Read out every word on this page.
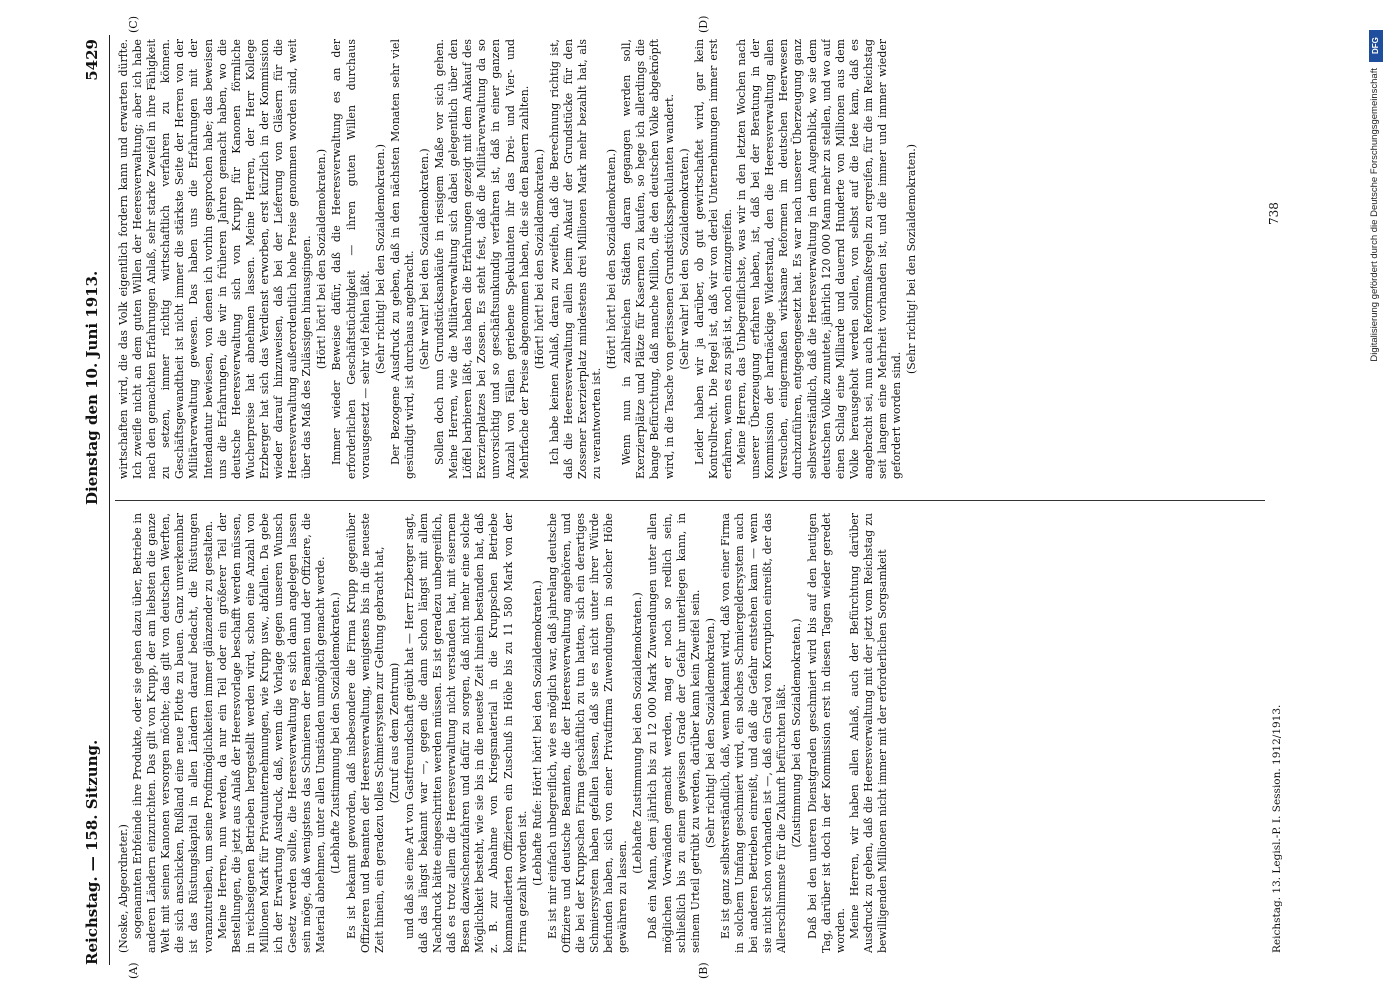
Reichstag. — 158. Sitzung.
Dienstag den 10. Juni 1913.
5429
(A)	(B)
(C)	(D)

(Noske, Abgeordneter.) sogenannten Erbfeinde ihre Produkte, oder sie gehen dazu über, Betriebe in anderen Ländern einzurichten. Das gilt von Krupp, der am liebsten die ganze Welt mit seinen Kanonen versorgen möchte; das gilt von deutschen Werften, die sich anschicken, Rußland eine neue Flotte zu bauen. Ganz unverkennbar ist das Rüstungskapital in allen Ländern darauf bedacht, die Rüstungen voranzutreiben, um seine Profitmöglichkeiten immer glänzender zu gestalten. Meine Herren, nun werden, da nur ein Teil oder ein größerer Teil der Bestellungen, die jetzt aus Anlaß der Heeresvorlage beschafft werden müssen, in reichseigenen Betrieben hergestellt werden wird, schon eine Anzahl von Millionen Mark für Privatunternehmungen, wie Krupp usw., abfallen. Da gebe ich der Erwartung Ausdruck, daß, wenn die Vorlage gegen unseren Wunsch Gesetz werden sollte, die Heeresverwaltung es sich dann angelegen lassen sein möge, daß wenigstens das Schmieren der Beamten und der Offiziere, die Material abnehmen, unter allen Umständen unmöglich gemacht werde. (Lebhafte Zustimmung bei den Sozialdemokraten.) Es ist bekannt geworden, daß insbesondere die Firma Krupp gegenüber Offizieren und Beamten der Heeresverwaltung, wenigstens bis in die neueste Zeit hinein, ein geradezu tolles Schmiersystem zur Geltung gebracht hat, (Zuruf aus dem Zentrum) und daß sie eine Art von Gastfreundschaft geübt hat — Herr Erzberger sagt, daß das längst bekannt war —, gegen die dann schon längst mit allem Nachdruck hätte eingeschritten werden müssen. Es ist geradezu unbegreiflich, daß es trotz allem die Heeresverwaltung nicht verstanden hat, mit eisernem Besen dazwischenzufahren und dafür zu sorgen, daß nicht mehr eine solche Möglichkeit besteht, wie sie bis in die neueste Zeit hinein bestanden hat, daß z. B. zur Abnahme von Kriegsmaterial in die Kruppschen Betriebe kommandierten Offizieren ein Zuschuß in Höhe bis zu 11 580 Mark von der Firma gezahlt worden ist. (Lebhafte Rufe: Hört! hört! bei den Sozialdemokraten.) Es ist mir einfach unbegreiflich, wie es möglich war, daß jahrelang deutsche Offiziere und deutsche Beamten, die der Heeresverwaltung angehören, und die bei der Kruppschen Firma geschäftlich zu tun hatten, sich ein derartiges Schmiersystem haben gefallen lassen, daß sie es nicht unter ihrer Würde befunden haben, sich von einer Privatfirma Zuwendungen in solcher Höhe gewähren zu lassen.

(Lebhafte Zustimmung bei den Sozialdemokraten.) Daß ein Mann, dem jährlich bis zu 12 000 Mark Zuwendungen unter allen möglichen Vorwänden gemacht werden, mag er noch so redlich sein, schließlich bis zu einem gewissen Grade der Gefahr unterliegen kann, in seinem Urteil getrübt zu werden, darüber kann kein Zweifel sein. (Sehr richtig! bei den Sozialdemokraten.) Es ist ganz selbstverständlich, daß, wenn bekannt wird, daß von einer Firma in solchem Umfang geschmiert wird, ein solches Schmiergeldersystem auch bei anderen Betrieben einreißt, und daß die Gefahr entstehen kann — wenn sie nicht schon vorhanden ist —, daß ein Grad von Korruption einreißt, der das Allerschlimmste für die Zukunft befürchten läßt. (Zustimmung bei den Sozialdemokraten.) Daß bei den unteren Dienstgraden geschmiert wird bis auf den heutigen Tag, darüber ist doch in der Kommission erst in diesen Tagen wieder geredet worden. Meine Herren, wir haben allen Anlaß, auch der Befürchtung darüber Ausdruck zu geben, daß die Heeresverwaltung mit der jetzt vom Reichstag zu bewilligenden Millionen nicht immer mit der erforderlichen Sorgsamkeit

wirtschaften wird, die das Volk eigentlich fordern kann und erwarten dürfte. Ich zweifle nicht an dem guten Willen der Heeresverwaltung; aber ich habe nach den gemachten Erfahrungen Anlaß, sehr starke Zweifel in ihre Fähigkeit zu setzen, immer richtig wirtschaftlich verfahren zu können. Geschäftsgewandtheit ist nicht immer die stärkste Seite der Herren von der Militärverwaltung gewesen. Das haben uns die Erfahrungen mit der Intendantur bewiesen, von denen ich vorhin gesprochen habe; das beweisen uns die Erfahrungen, die wir in früheren Jahren gemacht haben, wo die deutsche Heeresverwaltung sich von Krupp für Kanonen förmliche Wucherpreise hat abnehmen lassen. Meine Herren, der Herr Kollege Erzberger hat sich das Verdienst erworben, erst kürzlich in der Kommission wieder darauf hinzuweisen, daß bei der Lieferung von Gläsern für die Heeresverwaltung außerordentlich hohe Preise genommen worden sind, weit über das Maß des Zulässigen hinausgingen. (Hört! hört! bei den Sozialdemokraten.) Immer wieder Beweise dafür, daß die Heeresverwaltung es an der erforderlichen Geschäftstüchtigkeit — ihren guten Willen durchaus vorausgesetzt — sehr viel fehlen läßt.

(Sehr richtig! bei den Sozialdemokraten.) Der Bezogene Ausdruck zu geben, daß in den nächsten Monaten sehr viel gesündigt wird, ist durchaus angebracht. (Sehr wahr! bei den Sozialdemokraten.) Sollen doch nun Grundstücksankäufe in riesigem Maße vor sich gehen. Meine Herren, wie die Militärverwaltung sich dabei gelegentlich über den Löffel barbieren läßt, das haben die Erfahrungen gezeigt mit dem Ankauf des Exerzierplatzes bei Zossen. Es steht fest, daß die Militärverwaltung da so unvorsichtig und so geschäftsunkundig verfahren ist, daß in einer ganzen Anzahl von Fällen geriebene Spekulanten ihr das Drei- und Vier- und Mehrfache der Preise abgenommen haben, die sie den Bauern zahlten. (Hört! hört! bei den Sozialdemokraten.) Ich habe keinen Anlaß, daran zu zweifeln, daß die Berechnung richtig ist, daß die Heeresverwaltung allein beim Ankauf der Grundstücke für den Zossener Exerzierplatz mindestens drei Millionen Mark mehr bezahlt hat, als zu verantworten ist.

(Hört! hört! bei den Sozialdemokraten.) Wenn nun in zahlreichen Städten daran gegangen werden soll, Exerzierplätze und Plätze für Kasernen zu kaufen, so hege ich allerdings die bange Befürchtung, daß manche Million, die den deutschen Volke abgeknöpft wird, in die Tasche von gerissenen Grundstücksspekulanten wandert. (Sehr wahr! bei den Sozialdemokraten.) Leider haben wir ja darüber, ob gut gewirtschaftet wird, gar kein Kontrollrecht. Die Regel ist, daß wir von derlei Unternehmungen immer erst erfahren, wenn es zu spät ist, noch einzugreifen. Meine Herren, das Unbegreiflichste, was wir in den letzten Wochen nach unserer Überzeugung erfahren haben, ist, daß bei der Beratung in der Kommission der hartnäckige Widerstand, den die Heeresverwaltung allen Versuchen, einigermaßen wirksame Reformen im deutschen Heerwesen durchzuführen, entgegengesetzt hat. Es war nach unserer Überzeugung ganz selbstverständlich, daß die Heeresverwaltung in dem Augenblick, wo sie dem deutschen Volke zumutete, jährlich 120 000 Mann mehr zu stellen, und wo auf einen Schlag eine Milliarde und dauernd Hunderte von Millionen aus dem Volke herausgeholt werden sollen, von selbst auf die Idee kam, daß es angebracht sei, nun auch Reformmaßregeln zu ergreifen, für die im Reichstag seit langem eine Mehrheit vorhanden ist, und die immer und immer wieder gefordert worden sind.

(Sehr richtig! bei den Sozialdemokraten.)

Reichstag. 13. Legisl.-P. I. Session. 1912/1913.
738
DFG
Digitalisierung gefördert durch die Deutsche Forschungsgemeinschaft
